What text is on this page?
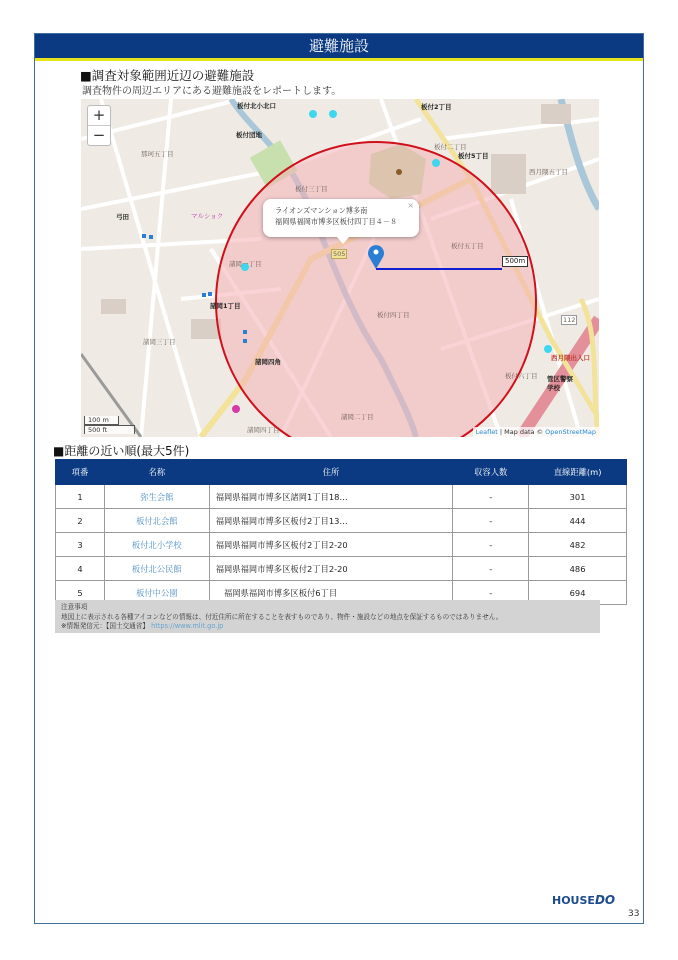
避難施設
■調査対象範囲近辺の避難施設
調査物件の周辺エリアにある避難施設をレポートします。
板付北小北口	板付2丁目
板付団地
那珂五丁目
板付二丁目
板付5丁目
西月隈五丁目
板付三丁目
弓田	マルショク
諸岡一丁目
板付五丁目
505
諸岡1丁目
板付四丁目
112
諸岡三丁目
諸岡四角	西月隈出入口
板付六丁目 管区警察学校
諸岡二丁目
諸岡四丁目
+
−
ライオンズマンション博多南
福岡県福岡市博多区板付四丁目４－８
×
500m
100 m
500 ft	Leaflet | Map data © OpenStreetMap
■距離の近い順(最大5件)
項番	名称	住所	収容人数	直線距離(m)
1	弥生会館	福岡県福岡市博多区諸岡1丁目18…	-	301
2	板付北会館	福岡県福岡市博多区板付2丁目13…	-	444
3	板付北小学校	福岡県福岡市博多区板付2丁目2-20	-	482
4	板付北公民館	福岡県福岡市博多区板付2丁目2-20	-	486
5	板付中公園	　福岡県福岡市博多区板付6丁目	-	694
注意事項
地図上に表示される各種アイコンなどの情報は、付近住所に所在することを表すものであり、物件・施設などの地点を保証するものではありません。
※情報発信元：【国土交通省】 https://www.mlit.go.jp
HOUSEDO
33
